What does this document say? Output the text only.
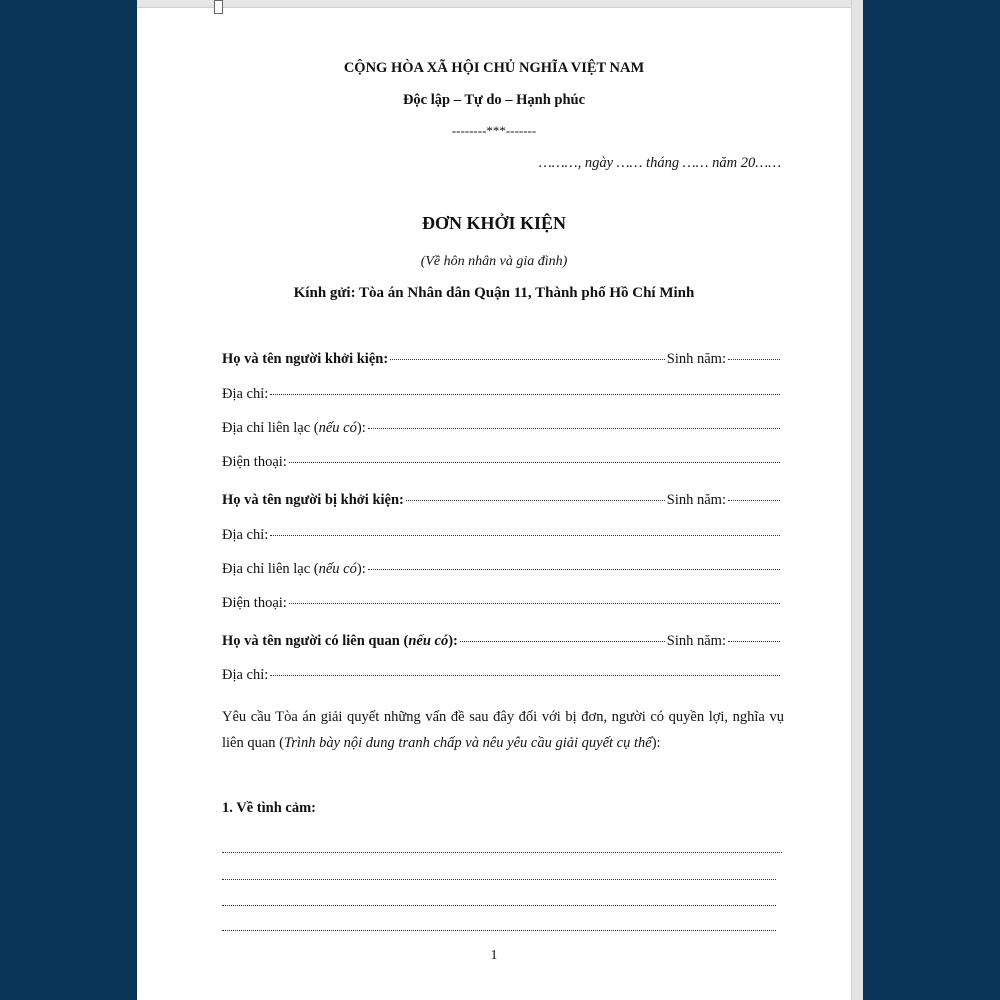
CỘNG HÒA XÃ HỘI CHỦ NGHĨA VIỆT NAM
Độc lập – Tự do – Hạnh phúc
--------***-------
………, ngày …… tháng …… năm 20……
ĐƠN KHỞI KIỆN
(Về hôn nhân và gia đình)
Kính gửi: Tòa án Nhân dân Quận 11, Thành phố Hồ Chí Minh
Họ và tên người khởi kiện:	Sinh năm:
Địa chỉ:
Địa chỉ liên lạc ( nếu có ):
Điện thoại:
Họ và tên người bị khởi kiện:	Sinh năm:
Địa chỉ:
Địa chỉ liên lạc ( nếu có ):
Điện thoại:
Họ và tên người có liên quan (nếu có):	Sinh năm:
Địa chỉ:
Yêu cầu Tòa án giải quyết những vấn đề sau đây đối với bị đơn, người có quyền lợi, nghĩa vụ liên quan (Trình bày nội dung tranh chấp và nêu yêu cầu giải quyết cụ thể):
1. Về tình cảm:
1
